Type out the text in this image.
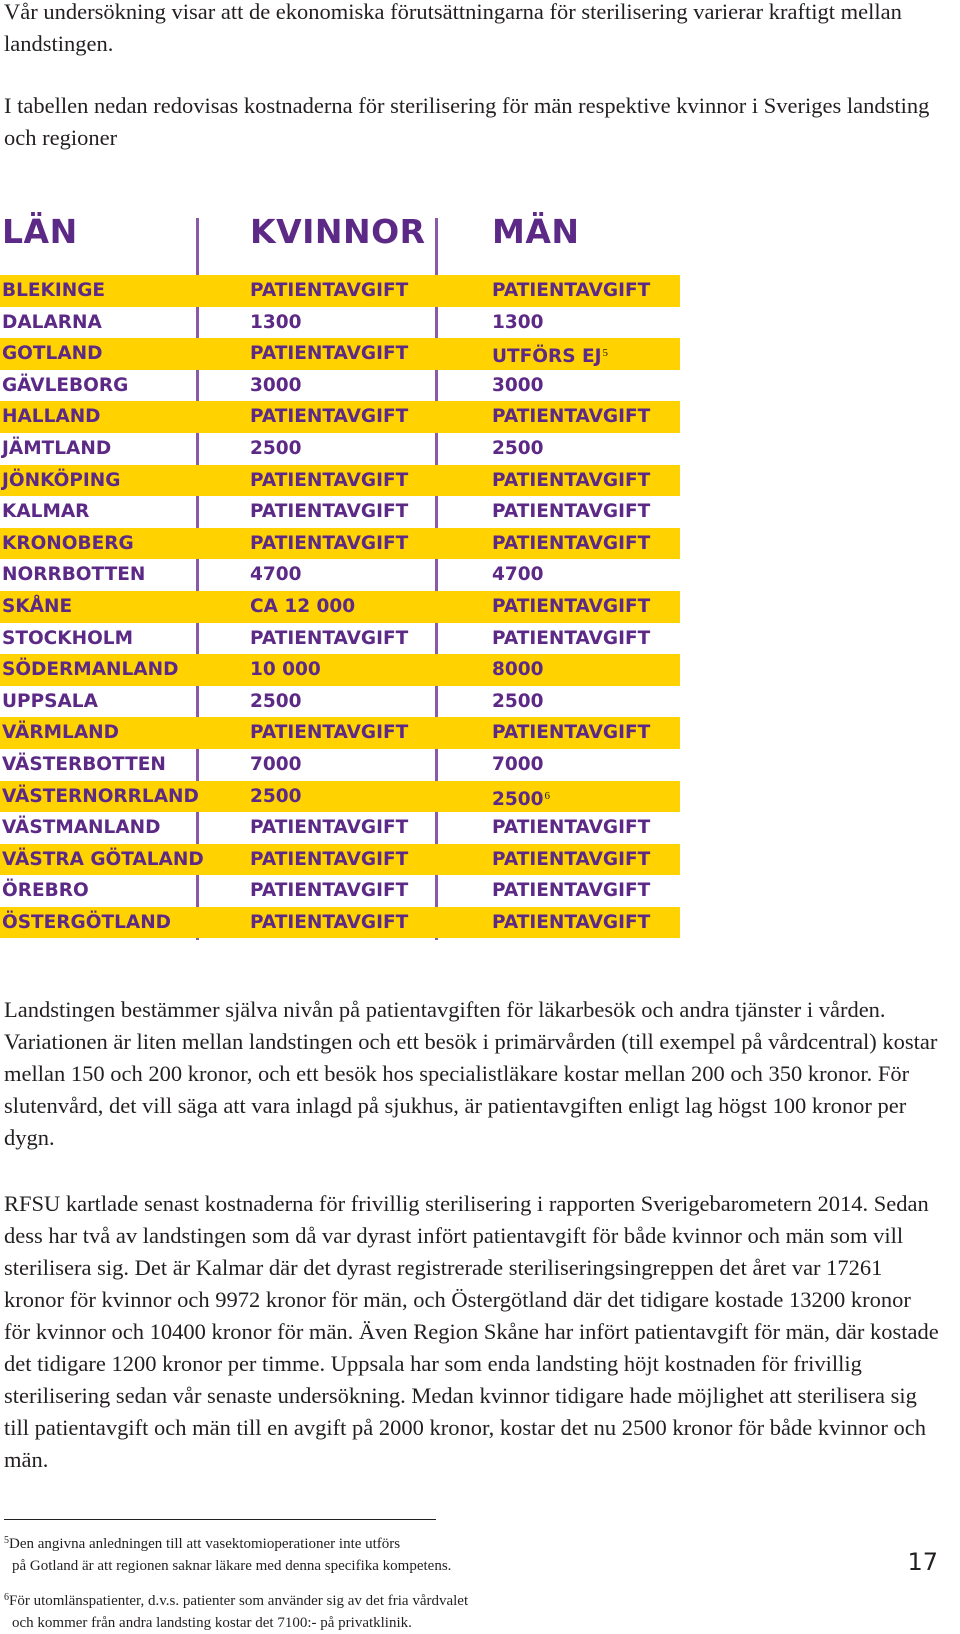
Vår undersökning visar att de ekonomiska förutsättningarna för sterilisering varierar kraftigt mellan landstingen.
I tabellen nedan redovisas kostnaderna för sterilisering för män respektive kvinnor i Sveriges landsting och regioner
LÄN	KVINNOR MÄN
BLEKINGE	PATIENTAVGIFT	PATIENTAVGIFT
DALARNA	1300	1300
GOTLAND	PATIENTAVGIFT	UTFÖRS $EJ^5$
GÄVLEBORG	3000	3000
HALLAND	PATIENTAVGIFT	PATIENTAVGIFT
JÄMTLAND	2500	2500
JÖNKÖPING	PATIENTAVGIFT	PATIENTAVGIFT
KALMAR	PATIENTAVGIFT	PATIENTAVGIFT
KRONOBERG	PATIENTAVGIFT	PATIENTAVGIFT
NORRBOTTEN	4700	4700
SKÅNE	CA 12 000	PATIENTAVGIFT
STOCKHOLM	PATIENTAVGIFT	PATIENTAVGIFT
SÖDERMANLAND	10 000	8000
UPPSALA	2500	2500
VÄRMLAND	PATIENTAVGIFT	PATIENTAVGIFT
VÄSTERBOTTEN	7000	7000
VÄSTERNORRLAND	2500	2500$^6$
VÄSTMANLAND	PATIENTAVGIFT	PATIENTAVGIFT
VÄSTRA GÖTALAND	PATIENTAVGIFT	PATIENTAVGIFT
ÖREBRO	PATIENTAVGIFT	PATIENTAVGIFT
ÖSTERGÖTLAND	PATIENTAVGIFT	PATIENTAVGIFT
Landstingen bestämmer själva nivån på patientavgiften för läkarbesök och andra tjänster i vården. Variationen är liten mellan landstingen och ett besök i primärvården (till exempel på vårdcentral) kostar mellan 150 och 200 kronor, och ett besök hos specialistläkare kostar mellan 200 och 350 kronor. För slutenvård, det vill säga att vara inlagd på sjukhus, är patientavgiften enligt lag högst 100 kronor per dygn.
RFSU kartlade senast kostnaderna för frivillig sterilisering i rapporten Sverigebarometern 2014. Sedan dess har två av landstingen som då var dyrast infört patientavgift för både kvinnor och män som vill sterilisera sig. Det är Kalmar där det dyrast registrerade steriliseringsingreppen det året var 17261 kronor för kvinnor och 9972 kronor för män, och Östergötland där det tidigare kostade 13200 kronor för kvinnor och 10400 kronor för män. Även Region Skåne har infört patientavgift för män, där kostade det tidigare 1200 kronor per timme. Uppsala har som enda landsting höjt kostnaden för frivillig sterilisering sedan vår senaste undersökning. Medan kvinnor tidigare hade möjlighet att sterilisera sig till patientavgift och män till en avgift på 2000 kronor, kostar det nu 2500 kronor för både kvinnor och män.
$^5$Den angivna anledningen till att vasektomioperationer inte utförs
på Gotland är att regionen saknar läkare med denna specifika kompetens.
$^6$För utomlänspatienter, d.v.s. patienter som använder sig av det fria vårdvalet
och kommer från andra landsting kostar det 7100:- på privatklinik.
17
